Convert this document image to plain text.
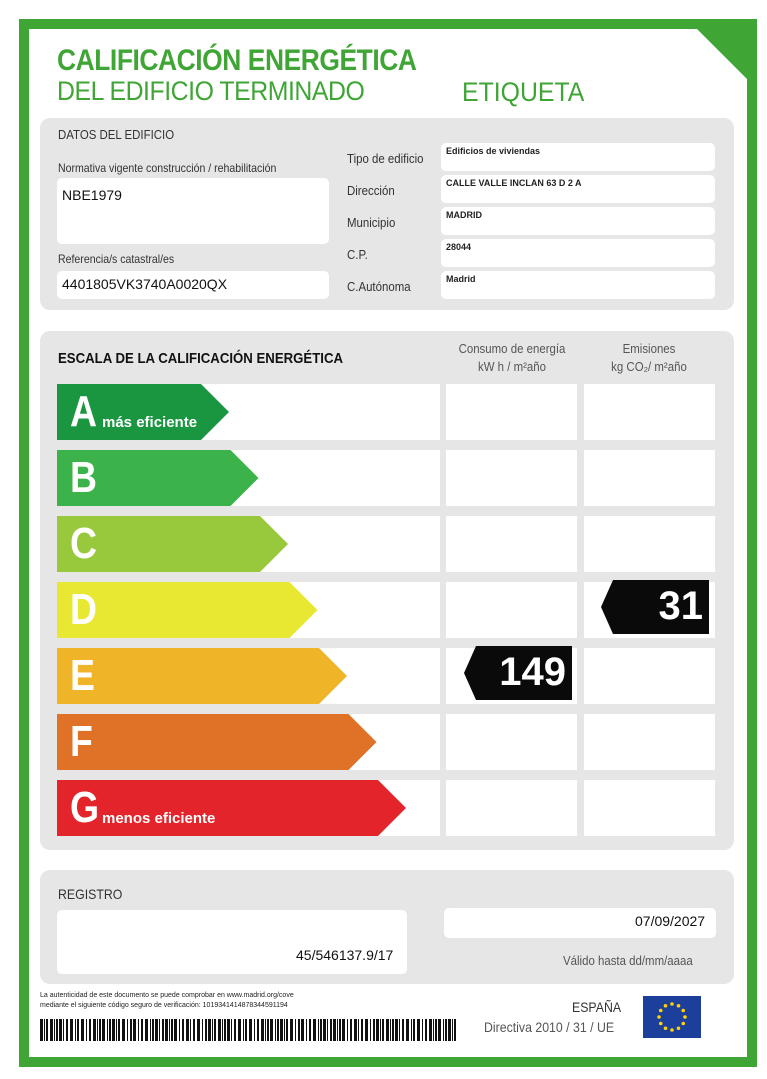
CALIFICACIÓN ENERGÉTICA
DEL EDIFICIO TERMINADO	ETIQUETA
DATOS DEL EDIFICIO
Normativa vigente construcción / rehabilitación
NBE1979
Referencia/s catastral/es
4401805VK3740A0020QX
Tipo de edificio
Dirección
Municipio
C.P.
C.Autónoma
Edificios de viviendas
CALLE VALLE INCLAN 63 D 2 A
MADRID
28044
Madrid
ESCALA DE LA CALIFICACIÓN ENERGÉTICA
Consumo de energía
kW h / m²año
Emisiones
kg CO₂/ m²año
A más eficiente
B
C
D
E
F
G menos eficiente
149
31
REGISTRO
45/546137.9/17
07/09/2027
Válido hasta dd/mm/aaaa
La autenticidad de este documento se puede comprobar en www.madrid.org/cove
mediante el siguiente código seguro de verificación: 1019341414878344591194	ESPAÑA
Directiva 2010 / 31 / UE
